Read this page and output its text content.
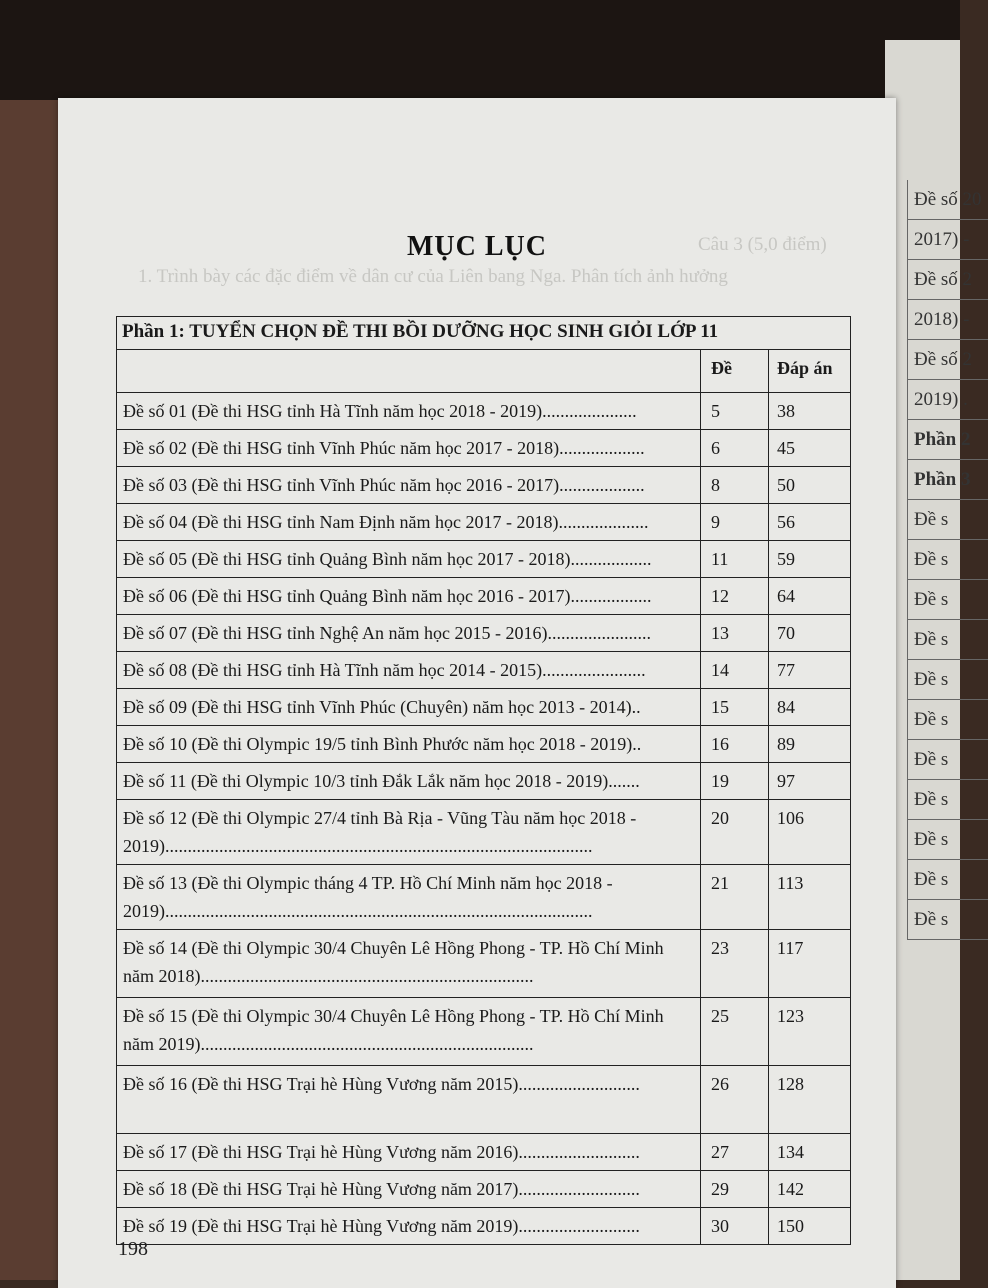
Đề số 20
2017) -
Đề số 2
2018) -
Đề số 2
2019) .
Phần 2
Phần 3
Đề s
Đề s
Đề s
Đề s
Đề s
Đề s
Đề s
Đề s
Đề s
Đề s
Đề s
Câu 3 (5,0 điểm)
1. Trình bày các đặc điểm về dân cư của Liên bang Nga. Phân tích ảnh hưởng
MỤC LỤC
Phần 1: TUYỂN CHỌN ĐỀ THI BỒI DƯỠNG HỌC SINH GIỎI LỚP 11		
	Đề	Đáp án
Đề số 01 (Đề thi HSG tỉnh Hà Tĩnh năm học 2018 - 2019).....................	5	38
Đề số 02 (Đề thi HSG tỉnh Vĩnh Phúc năm học 2017 - 2018)...................	6	45
Đề số 03 (Đề thi HSG tỉnh Vĩnh Phúc năm học 2016 - 2017)...................	8	50
Đề số 04 (Đề thi HSG tỉnh Nam Định năm học 2017 - 2018)....................	9	56
Đề số 05 (Đề thi HSG tỉnh Quảng Bình năm học 2017 - 2018)..................	11	59
Đề số 06 (Đề thi HSG tỉnh Quảng Bình năm học 2016 - 2017)..................	12	64
Đề số 07 (Đề thi HSG tỉnh Nghệ An năm học 2015 - 2016).......................	13	70
Đề số 08 (Đề thi HSG tỉnh Hà Tĩnh năm học 2014 - 2015).......................	14	77
Đề số 09 (Đề thi HSG tỉnh Vĩnh Phúc (Chuyên) năm học 2013 - 2014)..	15	84
Đề số 10 (Đề thi Olympic 19/5 tỉnh Bình Phước năm học 2018 - 2019)..	16	89
Đề số 11 (Đề thi Olympic 10/3 tỉnh Đắk Lắk năm học 2018 - 2019).......	19	97
Đề số 12 (Đề thi Olympic 27/4 tỉnh Bà Rịa - Vũng Tàu năm học 2018 - 2019)...............................................................................................	20	106
Đề số 13 (Đề thi Olympic tháng 4 TP. Hồ Chí Minh năm học 2018 - 2019)...............................................................................................	21	113
Đề số 14 (Đề thi Olympic 30/4 Chuyên Lê Hồng Phong - TP. Hồ Chí Minh năm 2018)..........................................................................	23	117
Đề số 15 (Đề thi Olympic 30/4 Chuyên Lê Hồng Phong - TP. Hồ Chí Minh năm 2019)..........................................................................	25	123
Đề số 16 (Đề thi HSG Trại hè Hùng Vương năm 2015)...........................	26	128
Đề số 17 (Đề thi HSG Trại hè Hùng Vương năm 2016)...........................	27	134
Đề số 18 (Đề thi HSG Trại hè Hùng Vương năm 2017)...........................	29	142
Đề số 19 (Đề thi HSG Trại hè Hùng Vương năm 2019)...........................	30	150
198
